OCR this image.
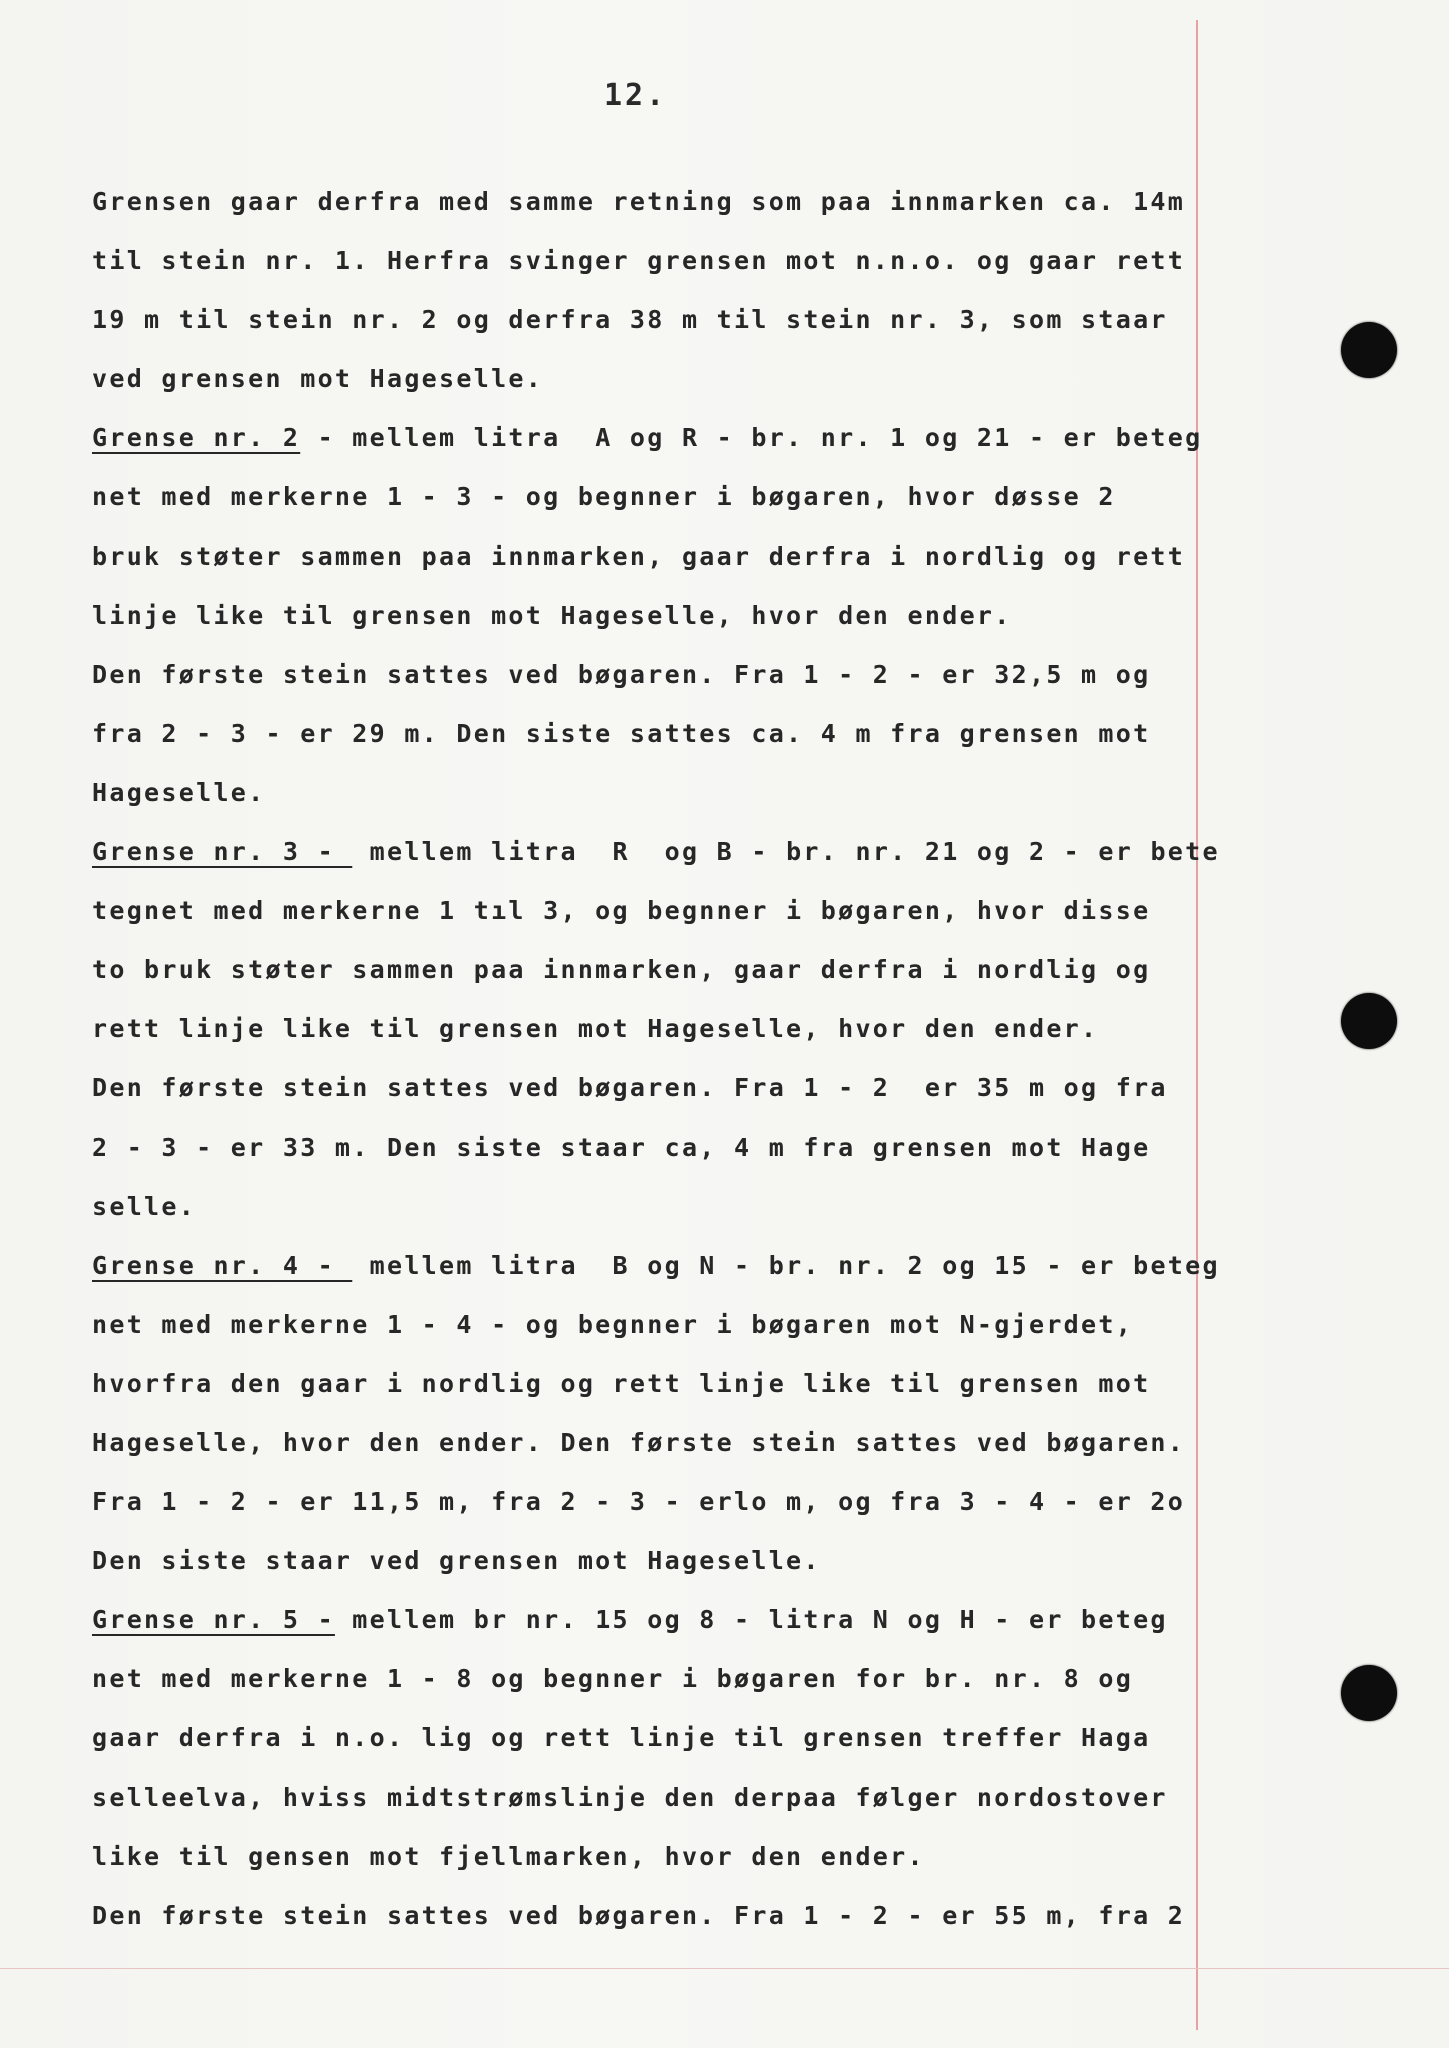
12.
Grensen gaar derfra med samme retning som paa innmarken ca. 14m
til stein nr. 1. Herfra svinger grensen mot n.n.o. og gaar rett
19 m til stein nr. 2 og derfra 38 m til stein nr. 3, som staar
ved grensen mot Hageselle.
Grense nr. 2 - mellem litra  A og R - br. nr. 1 og 21 - er beteg
net med merkerne 1 - 3 - og begnner i bøgaren, hvor døsse 2
bruk støter sammen paa innmarken, gaar derfra i nordlig og rett
linje like til grensen mot Hageselle, hvor den ender.
Den første stein sattes ved bøgaren. Fra 1 - 2 - er 32,5 m og
fra 2 - 3 - er 29 m. Den siste sattes ca. 4 m fra grensen mot
Hageselle.
Grense nr. 3 -  mellem litra  R  og B - br. nr. 21 og 2 - er bete
tegnet med merkerne 1 tıl 3, og begnner i bøgaren, hvor disse
to bruk støter sammen paa innmarken, gaar derfra i nordlig og
rett linje like til grensen mot Hageselle, hvor den ender.
Den første stein sattes ved bøgaren. Fra 1 - 2  er 35 m og fra
2 - 3 - er 33 m. Den siste staar ca, 4 m fra grensen mot Hage
selle.
Grense nr. 4 -  mellem litra  B og N - br. nr. 2 og 15 - er beteg
net med merkerne 1 - 4 - og begnner i bøgaren mot N-gjerdet,
hvorfra den gaar i nordlig og rett linje like til grensen mot
Hageselle, hvor den ender. Den første stein sattes ved bøgaren.
Fra 1 - 2 - er 11,5 m, fra 2 - 3 - erlo m, og fra 3 - 4 - er 2o
Den siste staar ved grensen mot Hageselle.
Grense nr. 5 - mellem br nr. 15 og 8 - litra N og H - er beteg
net med merkerne 1 - 8 og begnner i bøgaren for br. nr. 8 og
gaar derfra i n.o. lig og rett linje til grensen treffer Haga
selleelva, hviss midtstrømslinje den derpaa følger nordostover
like til gensen mot fjellmarken, hvor den ender.
Den første stein sattes ved bøgaren. Fra 1 - 2 - er 55 m, fra 2
